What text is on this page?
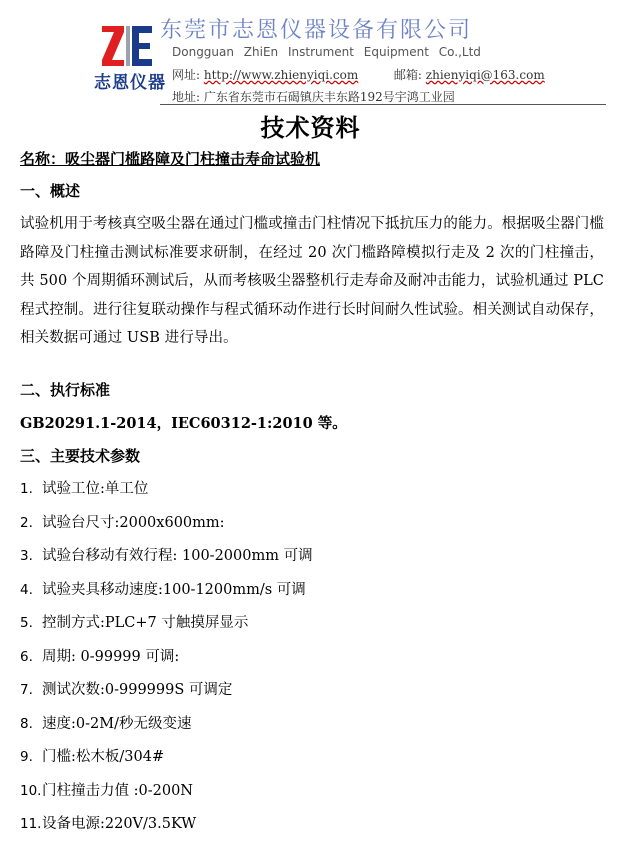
志恩仪器
东莞市志恩仪器设备有限公司
Dongguan ZhiEn Instrument Equipment Co.,Ltd
网址: http://www.zhienyiqi.com	邮箱: zhienyiqi@163.com
地址: 广东省东莞市石碣镇庆丰东路192号宇鸿工业园
技术资料
名称：吸尘器门槛路障及门柱撞击寿命试验机
一、概述
试验机用于考核真空吸尘器在通过门槛或撞击门柱情况下抵抗压力的能力。根据吸尘器门槛路障及门柱撞击测试标准要求研制，在经过 20 次门槛路障模拟行走及 2 次的门柱撞击，共 500 个周期循环测试后，从而考核吸尘器整机行走寿命及耐冲击能力，试验机通过 PLC 程式控制。进行往复联动操作与程式循环动作进行长时间耐久性试验。相关测试自动保存，相关数据可通过 USB 进行导出。
二、执行标准
GB20291.1-2014，IEC60312-1:2010 等。
三、主要技术参数
1. 试验工位:单工位
2. 试验台尺寸:2000x600mm:
3. 试验台移动有效行程: 100-2000mm 可调
4. 试验夹具移动速度:100-1200mm/s 可调
5. 控制方式:PLC+7 寸触摸屏显示
6. 周期: 0-99999 可调:
7. 测试次数:0-999999S 可调定
8. 速度:0-2M/秒无级变速
9. 门槛:松木板/304#
10.门柱撞击力值 :0-200N
11.设备电源:220V/3.5KW
